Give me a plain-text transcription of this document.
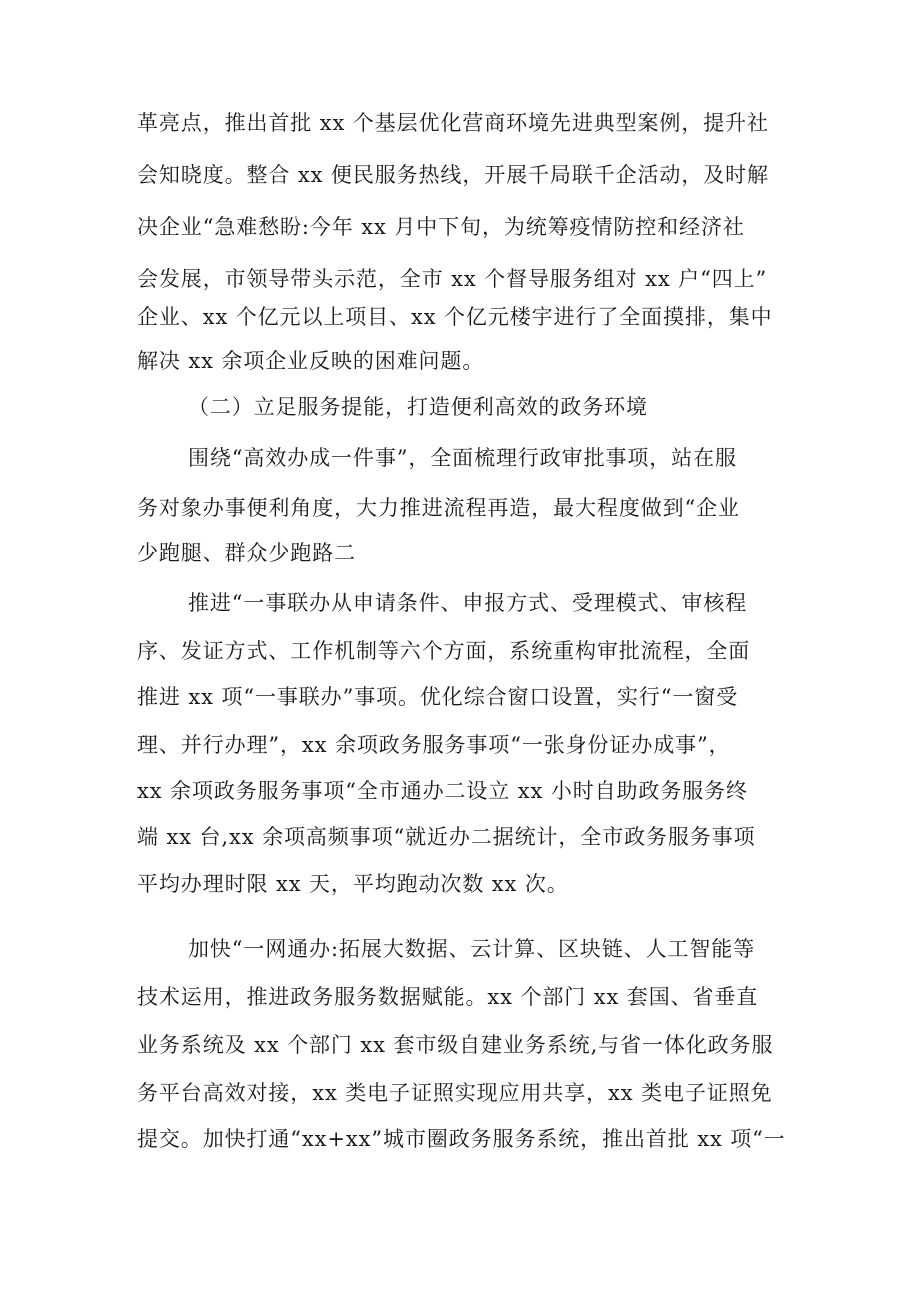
革亮点，推出首批 xx 个基层优化营商环境先进典型案例，提升社

会知晓度。整合 xx 便民服务热线，开展千局联千企活动，及时解

决企业“急难愁盼:今年 xx 月中下旬，为统筹疫情防控和经济社

会发展，市领导带头示范，全市 xx 个督导服务组对 xx 户“四上”

企业、xx 个亿元以上项目、xx 个亿元楼宇进行了全面摸排，集中

解决 xx 余项企业反映的困难问题。

（二）立足服务提能，打造便利高效的政务环境

围绕“高效办成一件事”，全面梳理行政审批事项，站在服

务对象办事便利角度，大力推进流程再造，最大程度做到“企业

少跑腿、群众少跑路二

推进“一事联办从申请条件、申报方式、受理模式、审核程

序、发证方式、工作机制等六个方面，系统重构审批流程，全面

推进 xx 项“一事联办”事项。优化综合窗口设置，实行“一窗受

理、并行办理”，xx 余项政务服务事项“一张身份证办成事”，

xx 余项政务服务事项“全市通办二设立 xx 小时自助政务服务终

端 xx 台,xx 余项高频事项“就近办二据统计，全市政务服务事项

平均办理时限 xx 天，平均跑动次数 xx 次。

加快“一网通办:拓展大数据、云计算、区块链、人工智能等

技术运用，推进政务服务数据赋能。xx 个部门 xx 套国、省垂直

业务系统及 xx 个部门 xx 套市级自建业务系统,与省一体化政务服

务平台高效对接，xx 类电子证照实现应用共享，xx 类电子证照免

提交。加快打通“xx+xx”城市圈政务服务系统，推出首批 xx 项“一
